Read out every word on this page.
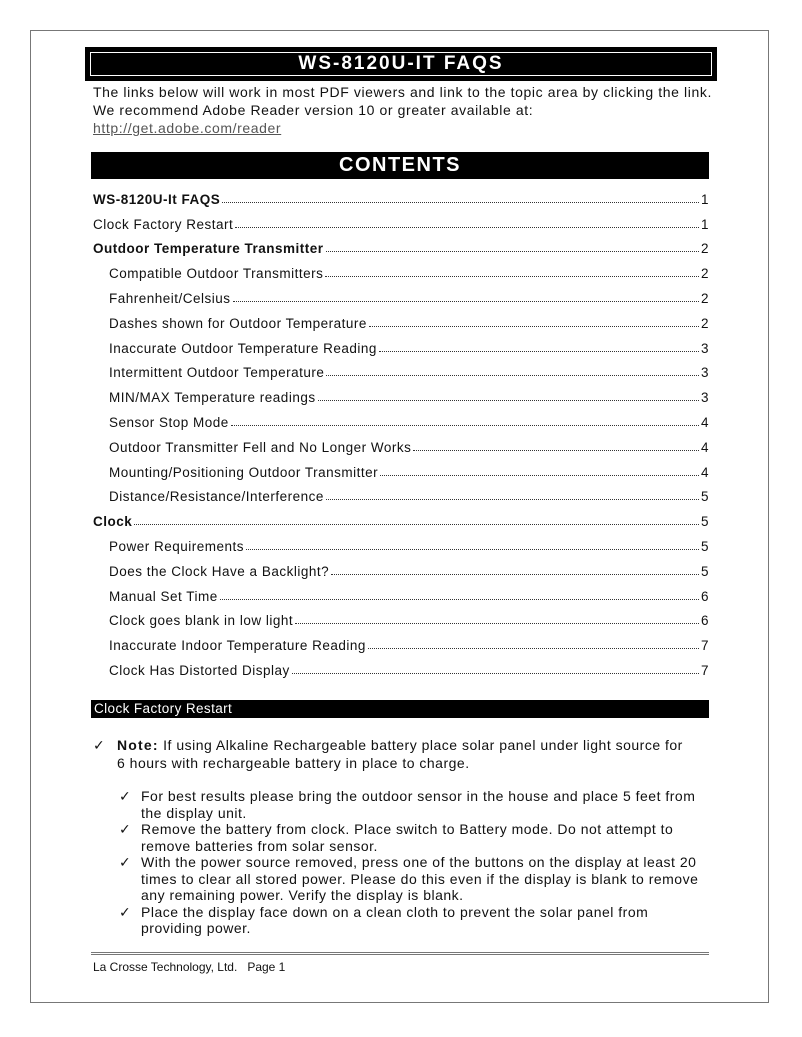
WS-8120U-IT FAQS

The links below will work in most PDF viewers and link to the topic area by clicking the link. We recommend Adobe Reader version 10 or greater available at:

http://get.adobe.com/reader
CONTENTS
WS-8120U-It FAQS	1
Clock Factory Restart	1
Outdoor Temperature Transmitter	2
Compatible Outdoor Transmitters	2
Fahrenheit/Celsius	2
Dashes shown for Outdoor Temperature	2
Inaccurate Outdoor Temperature Reading	3
Intermittent Outdoor Temperature	3
MIN/MAX Temperature readings	3
Sensor Stop Mode	4
Outdoor Transmitter Fell and No Longer Works	4
Mounting/Positioning Outdoor Transmitter	4
Distance/Resistance/Interference	5
Clock	5
Power Requirements	5
Does the Clock Have a Backlight?	5
Manual Set Time	6
Clock goes blank in low light	6
Inaccurate Indoor Temperature Reading	7
Clock Has Distorted Display	7
Clock Factory Restart
✓ Note: If using Alkaline Rechargeable battery place solar panel under light source for 6 hours with rechargeable battery in place to charge.
✓ For best results please bring the outdoor sensor in the house and place 5 feet from the display unit.
✓ Remove the battery from clock. Place switch to Battery mode. Do not attempt to remove batteries from solar sensor.
✓ With the power source removed, press one of the buttons on the display at least 20 times to clear all stored power. Please do this even if the display is blank to remove any remaining power. Verify the display is blank.
✓ Place the display face down on a clean cloth to prevent the solar panel from providing power.
La Crosse Technology, Ltd.   Page 1
